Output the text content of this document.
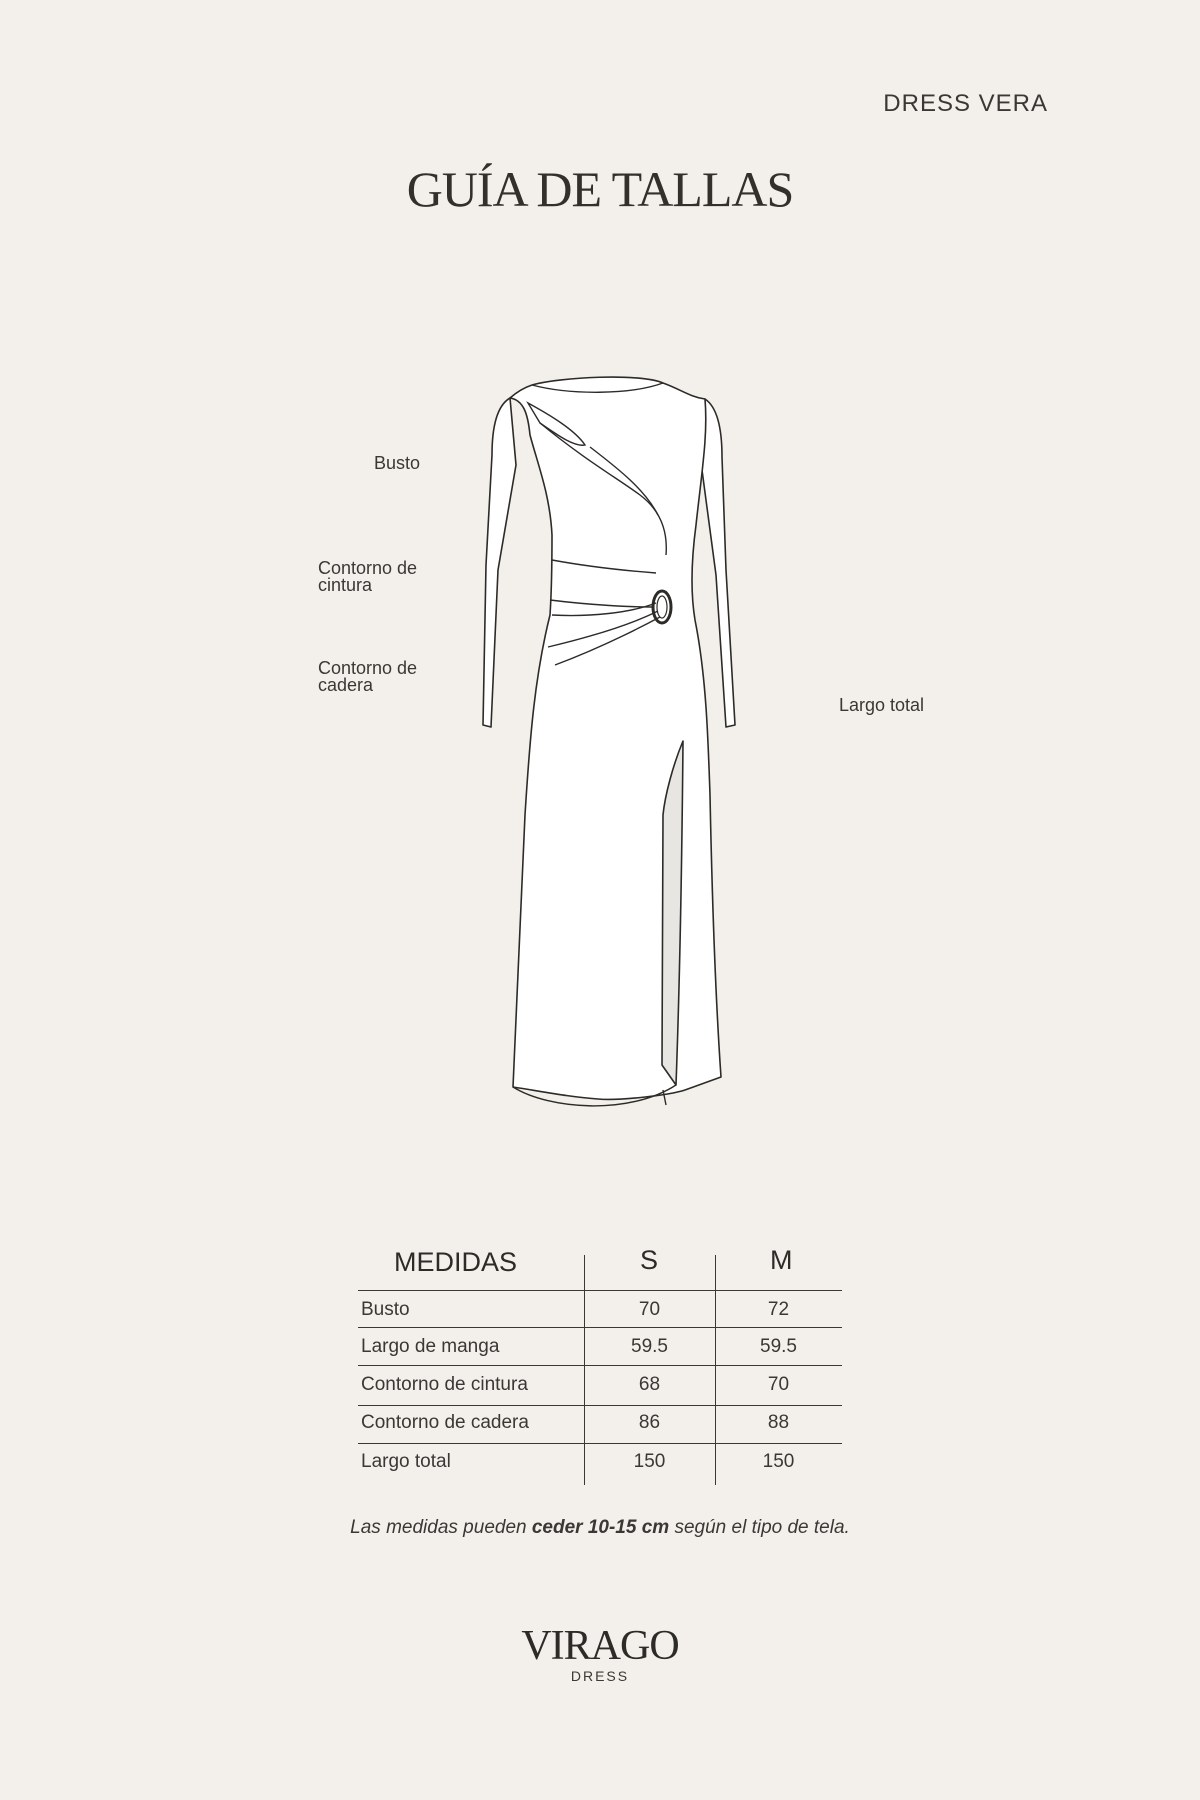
DRESS VERA
GUÍA DE TALLAS
Busto
Contorno de
cintura
Contorno de
cadera
Largo total
MEDIDAS	S	M
Busto	70	72
Largo de manga	59.5	59.5
Contorno de cintura	68	70
Contorno de cadera	86	88
Largo total	150	150
Las medidas pueden ceder 10-15 cm según el tipo de tela.
VIRAGO
DRESS
